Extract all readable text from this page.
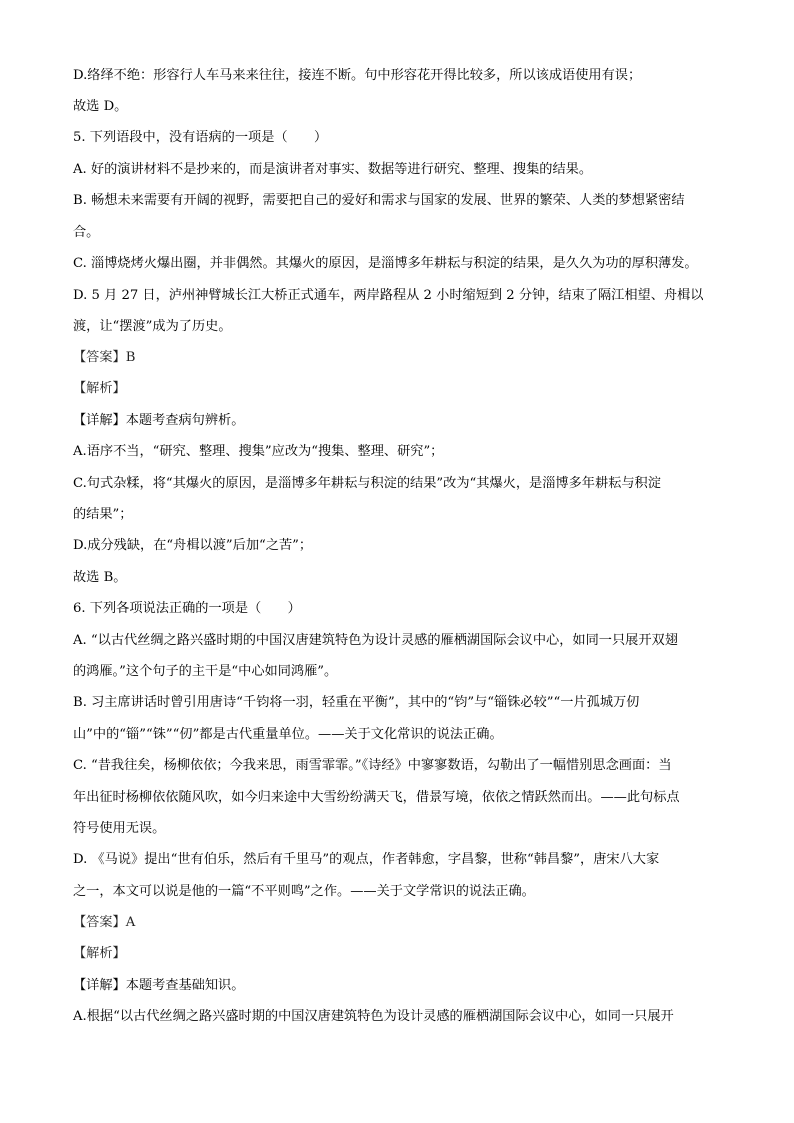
D.络绎不绝：形容行人车马来来往往，接连不断。句中形容花开得比较多，所以该成语使用有误；
故选 D。
5. 下列语段中，没有语病的一项是（　　）
A. 好的演讲材料不是抄来的，而是演讲者对事实、数据等进行研究、整理、搜集的结果。
B. 畅想未来需要有开阔的视野，需要把自己的爱好和需求与国家的发展、世界的繁荣、人类的梦想紧密结
合。
C. 淄博烧烤火爆出圈，并非偶然。其爆火的原因，是淄博多年耕耘与积淀的结果，是久久为功的厚积薄发。
D. 5 月 27 日，泸州神臂城长江大桥正式通车，两岸路程从 2 小时缩短到 2 分钟，结束了隔江相望、舟楫以
渡，让“摆渡”成为了历史。
【答案】B
【解析】
【详解】本题考查病句辨析。
A.语序不当，“研究、整理、搜集”应改为“搜集、整理、研究”；
C.句式杂糅，将“其爆火的原因，是淄博多年耕耘与积淀的结果”改为“其爆火，是淄博多年耕耘与积淀
的结果”；
D.成分残缺，在“舟楫以渡”后加“之苦”；
故选 B。
6. 下列各项说法正确的一项是（　　）
A. “以古代丝绸之路兴盛时期的中国汉唐建筑特色为设计灵感的雁栖湖国际会议中心，如同一只展开双翅
的鸿雁。”这个句子的主干是“中心如同鸿雁”。
B. 习主席讲话时曾引用唐诗“千钧将一羽，轻重在平衡”，其中的“钧”与“锱铢必较”“一片孤城万仞
山”中的“锱”“铢”“仞”都是古代重量单位。——关于文化常识的说法正确。
C. “昔我往矣，杨柳依依；今我来思，雨雪霏霏。”《诗经》中寥寥数语，勾勒出了一幅惜别思念画面：当
年出征时杨柳依依随风吹，如今归来途中大雪纷纷满天飞，借景写境，依依之情跃然而出。——此句标点
符号使用无误。
D. 《马说》提出“世有伯乐，然后有千里马”的观点，作者韩愈，字昌黎，世称“韩昌黎”，唐宋八大家
之一，本文可以说是他的一篇“不平则鸣”之作。——关于文学常识的说法正确。
【答案】A
【解析】
【详解】本题考查基础知识。
A.根据“以古代丝绸之路兴盛时期的中国汉唐建筑特色为设计灵感的雁栖湖国际会议中心，如同一只展开
